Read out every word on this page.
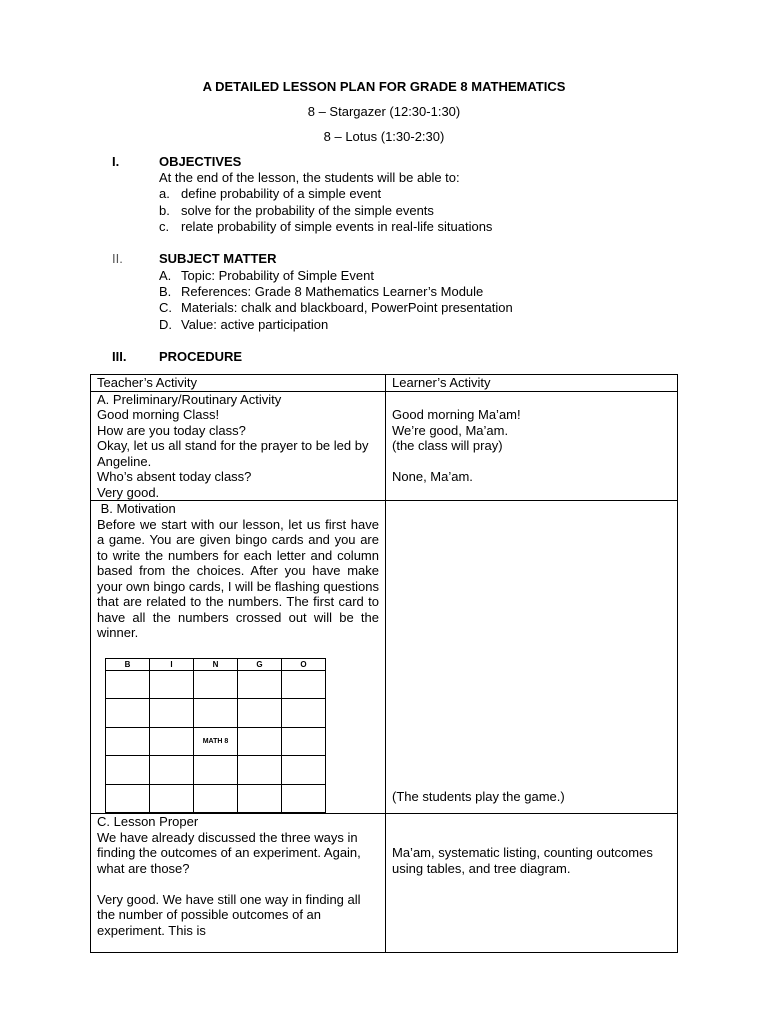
A DETAILED LESSON PLAN FOR GRADE 8 MATHEMATICS
8 – Stargazer (12:30-1:30)
8 – Lotus (1:30-2:30)
I.	OBJECTIVES
At the end of the lesson, the students will be able to:
a. define probability of a simple event
b. solve for the probability of the simple events
c. relate probability of simple events in real-life situations
II.	SUBJECT MATTER
A. Topic: Probability of Simple Event
B. References: Grade 8 Mathematics Learner’s Module
C. Materials: chalk and blackboard, PowerPoint presentation
D. Value: active participation
III.	PROCEDURE
Teacher’s Activity	Learner’s Activity

A. Preliminary/Routinary Activity
Good morning Class!
How are you today class?
Okay, let us all stand for the prayer to be led by Angeline.
Who’s absent today class?
Very good.

Good morning Ma’am!
We’re good, Ma’am.
(the class will pray)
None, Ma’am.

B. Motivation
Before we start with our lesson, let us first have a game. You are given bingo cards and you are to write the numbers for each letter and column based from the choices. After you have make your own bingo cards, I will be flashing questions that are related to the numbers. The first card to have all the numbers crossed out will be the winner.
B	I	N	G	O

		MATH 8		

(The students play the game.)

C. Lesson Proper
We have already discussed the three ways in finding the outcomes of an experiment. Again, what are those?
Very good. We have still one way in finding all the number of possible outcomes of an experiment. This is

Ma’am, systematic listing, counting outcomes using tables, and tree diagram.
